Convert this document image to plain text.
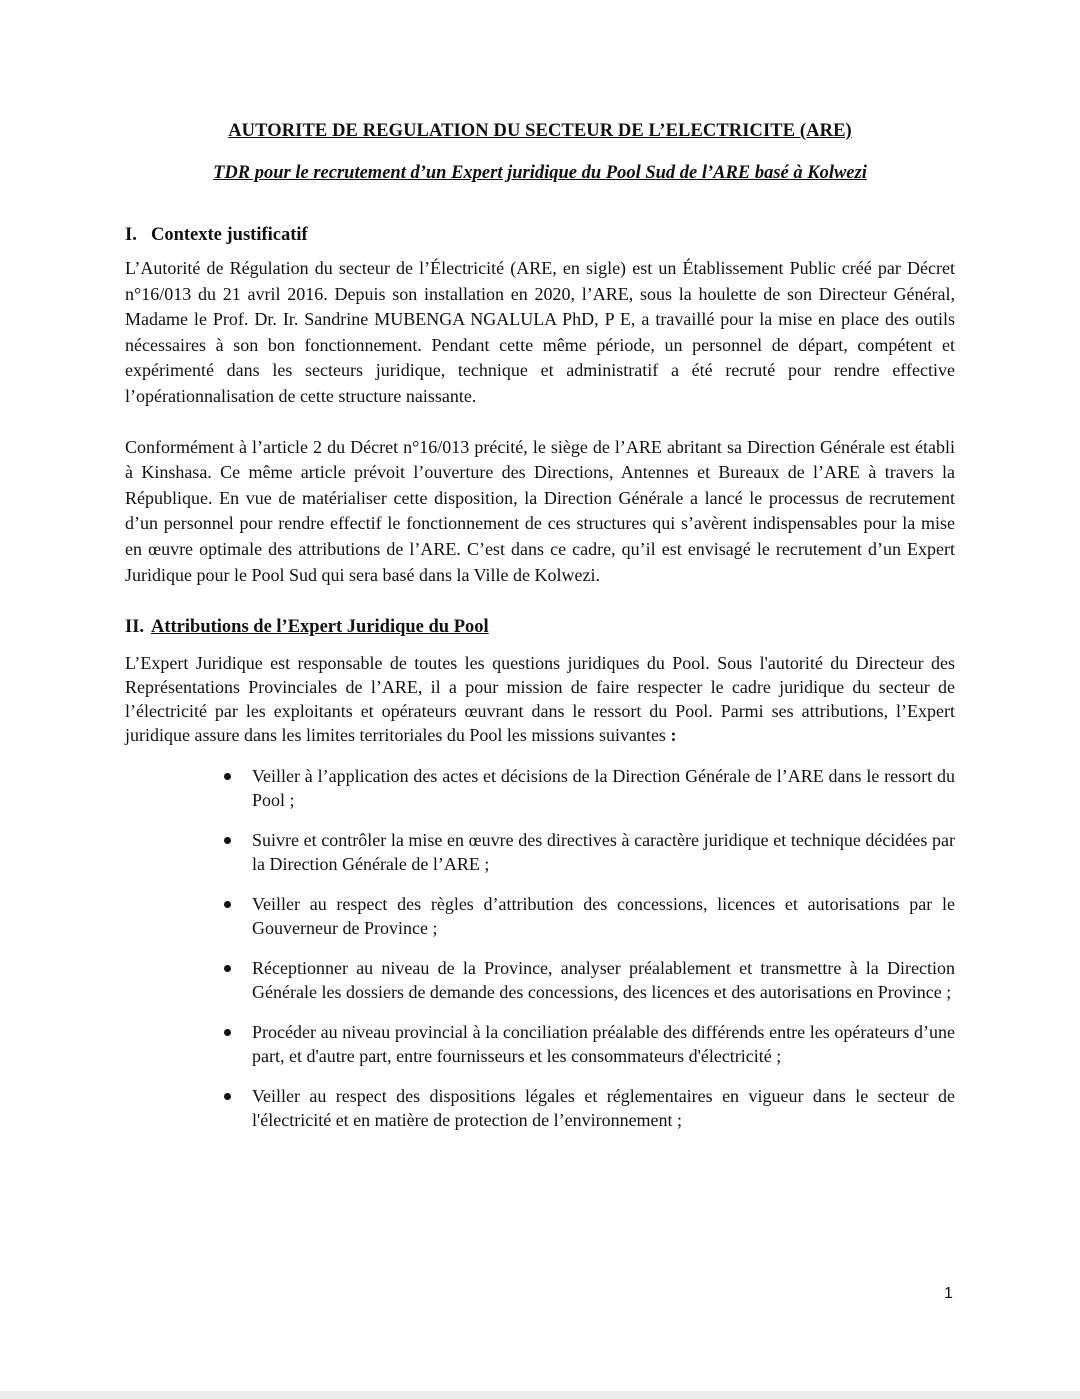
AUTORITE DE REGULATION DU SECTEUR DE L’ELECTRICITE (ARE)
TDR pour le recrutement d’un Expert juridique du Pool Sud de l’ARE basé à Kolwezi
I. Contexte justificatif

L’Autorité de Régulation du secteur de l’Électricité (ARE, en sigle) est un Établissement Public créé par Décret n°16/013 du 21 avril 2016. Depuis son installation en 2020, l’ARE, sous la houlette de son Directeur Général, Madame le Prof. Dr. Ir. Sandrine MUBENGA NGALULA PhD, P E, a travaillé pour la mise en place des outils nécessaires à son bon fonctionnement. Pendant cette même période, un personnel de départ, compétent et expérimenté dans les secteurs juridique, technique et administratif a été recruté pour rendre effective l’opérationnalisation de cette structure naissante.

Conformément à l’article 2 du Décret n°16/013 précité, le siège de l’ARE abritant sa Direction Générale est établi à Kinshasa. Ce même article prévoit l’ouverture des Directions, Antennes et Bureaux de l’ARE à travers la République. En vue de matérialiser cette disposition, la Direction Générale a lancé le processus de recrutement d’un personnel pour rendre effectif le fonctionnement de ces structures qui s’avèrent indispensables pour la mise en œuvre optimale des attributions de l’ARE. C’est dans ce cadre, qu’il est envisagé le recrutement d’un Expert Juridique pour le Pool Sud qui sera basé dans la Ville de Kolwezi.

II. Attributions de l’Expert Juridique du Pool

L’Expert Juridique est responsable de toutes les questions juridiques du Pool. Sous l'autorité du Directeur des Représentations Provinciales de l’ARE, il a pour mission de faire respecter le cadre juridique du secteur de l’électricité par les exploitants et opérateurs œuvrant dans le ressort du Pool. Parmi ses attributions, l’Expert juridique assure dans les limites territoriales du Pool les missions suivantes :

Veiller à l’application des actes et décisions de la Direction Générale de l’ARE dans le ressort du Pool ;
Suivre et contrôler la mise en œuvre des directives à caractère juridique et technique décidées par la Direction Générale de l’ARE ;
Veiller au respect des règles d’attribution des concessions, licences et autorisations par le Gouverneur de Province ;
Réceptionner au niveau de la Province, analyser préalablement et transmettre à la Direction Générale les dossiers de demande des concessions, des licences et des autorisations en Province ;
Procéder au niveau provincial à la conciliation préalable des différends entre les opérateurs d’une part, et d'autre part, entre fournisseurs et les consommateurs d'électricité ;
Veiller au respect des dispositions légales et réglementaires en vigueur dans le secteur de l'électricité et en matière de protection de l’environnement ;
1
